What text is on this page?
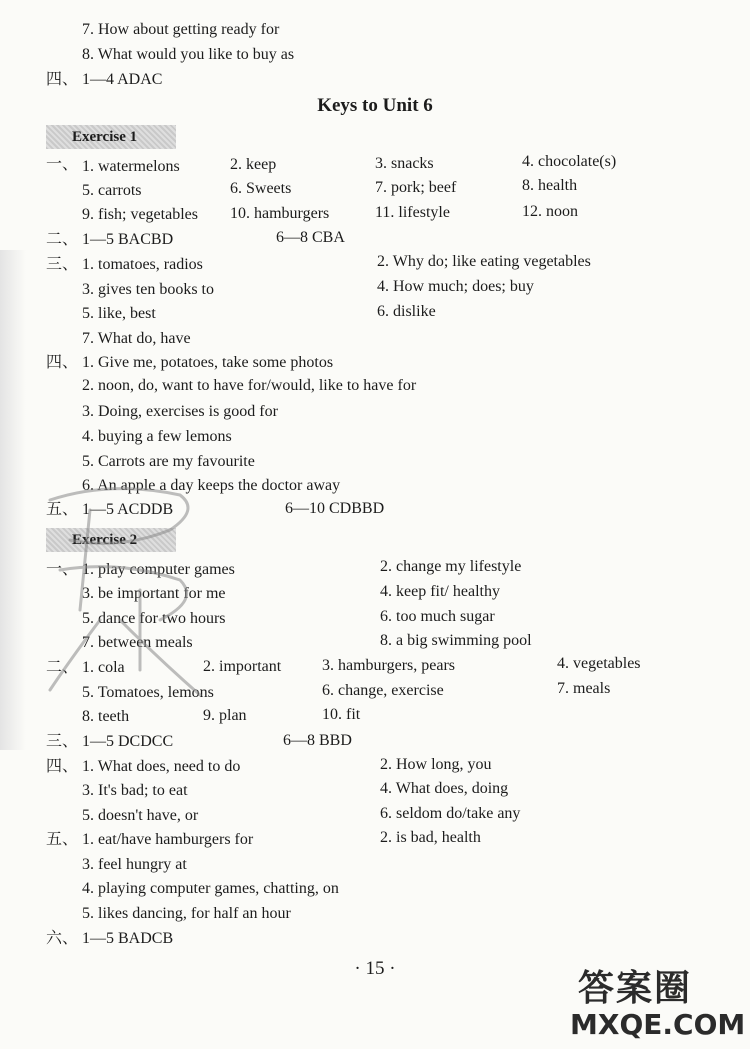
7. How about getting ready for
8. What would you like to buy as
四、 1—4 ADAC
Keys to Unit 6
Exercise 1
一、 1. watermelons	2. keep	3. snacks	4. chocolate(s)
5. carrots	6. Sweets	7. pork; beef	8. health
9. fish; vegetables 10. hamburgers	11. lifestyle	12. noon
二、 1—5 BACBD	6—8 CBA
三、 1. tomatoes, radios	2. Why do; like eating vegetables
3. gives ten books to	4. How much; does; buy
5. like, best	6. dislike
7. What do, have
四、 1. Give me, potatoes, take some photos
2. noon, do, want to have for/would, like to have for
3. Doing, exercises is good for
4. buying a few lemons
5. Carrots are my favourite
6. An apple a day keeps the doctor away
五、 1—5 ACDDB	6—10 CDBBD
Exercise 2
一、 1. play computer games	2. change my lifestyle
3. be important for me	4. keep fit/ healthy
5. dance for two hours	6. too much sugar
7. between meals	8. a big swimming pool
二、 1. cola	2. important	3. hamburgers, pears	4. vegetables
5. Tomatoes, lemons	6. change, exercise	7. meals
8. teeth	9. plan	10. fit
三、 1—5 DCDCC	6—8 BBD
四、 1. What does, need to do	2. How long, you
3. It's bad; to eat	4. What does, doing
5. doesn't have, or	6. seldom do/take any
五、 1. eat/have hamburgers for	2. is bad, health
3. feel hungry at
4. playing computer games, chatting, on
5. likes dancing, for half an hour
六、 1—5 BADCB
· 15 ·	答案圈
MXQE.COM
